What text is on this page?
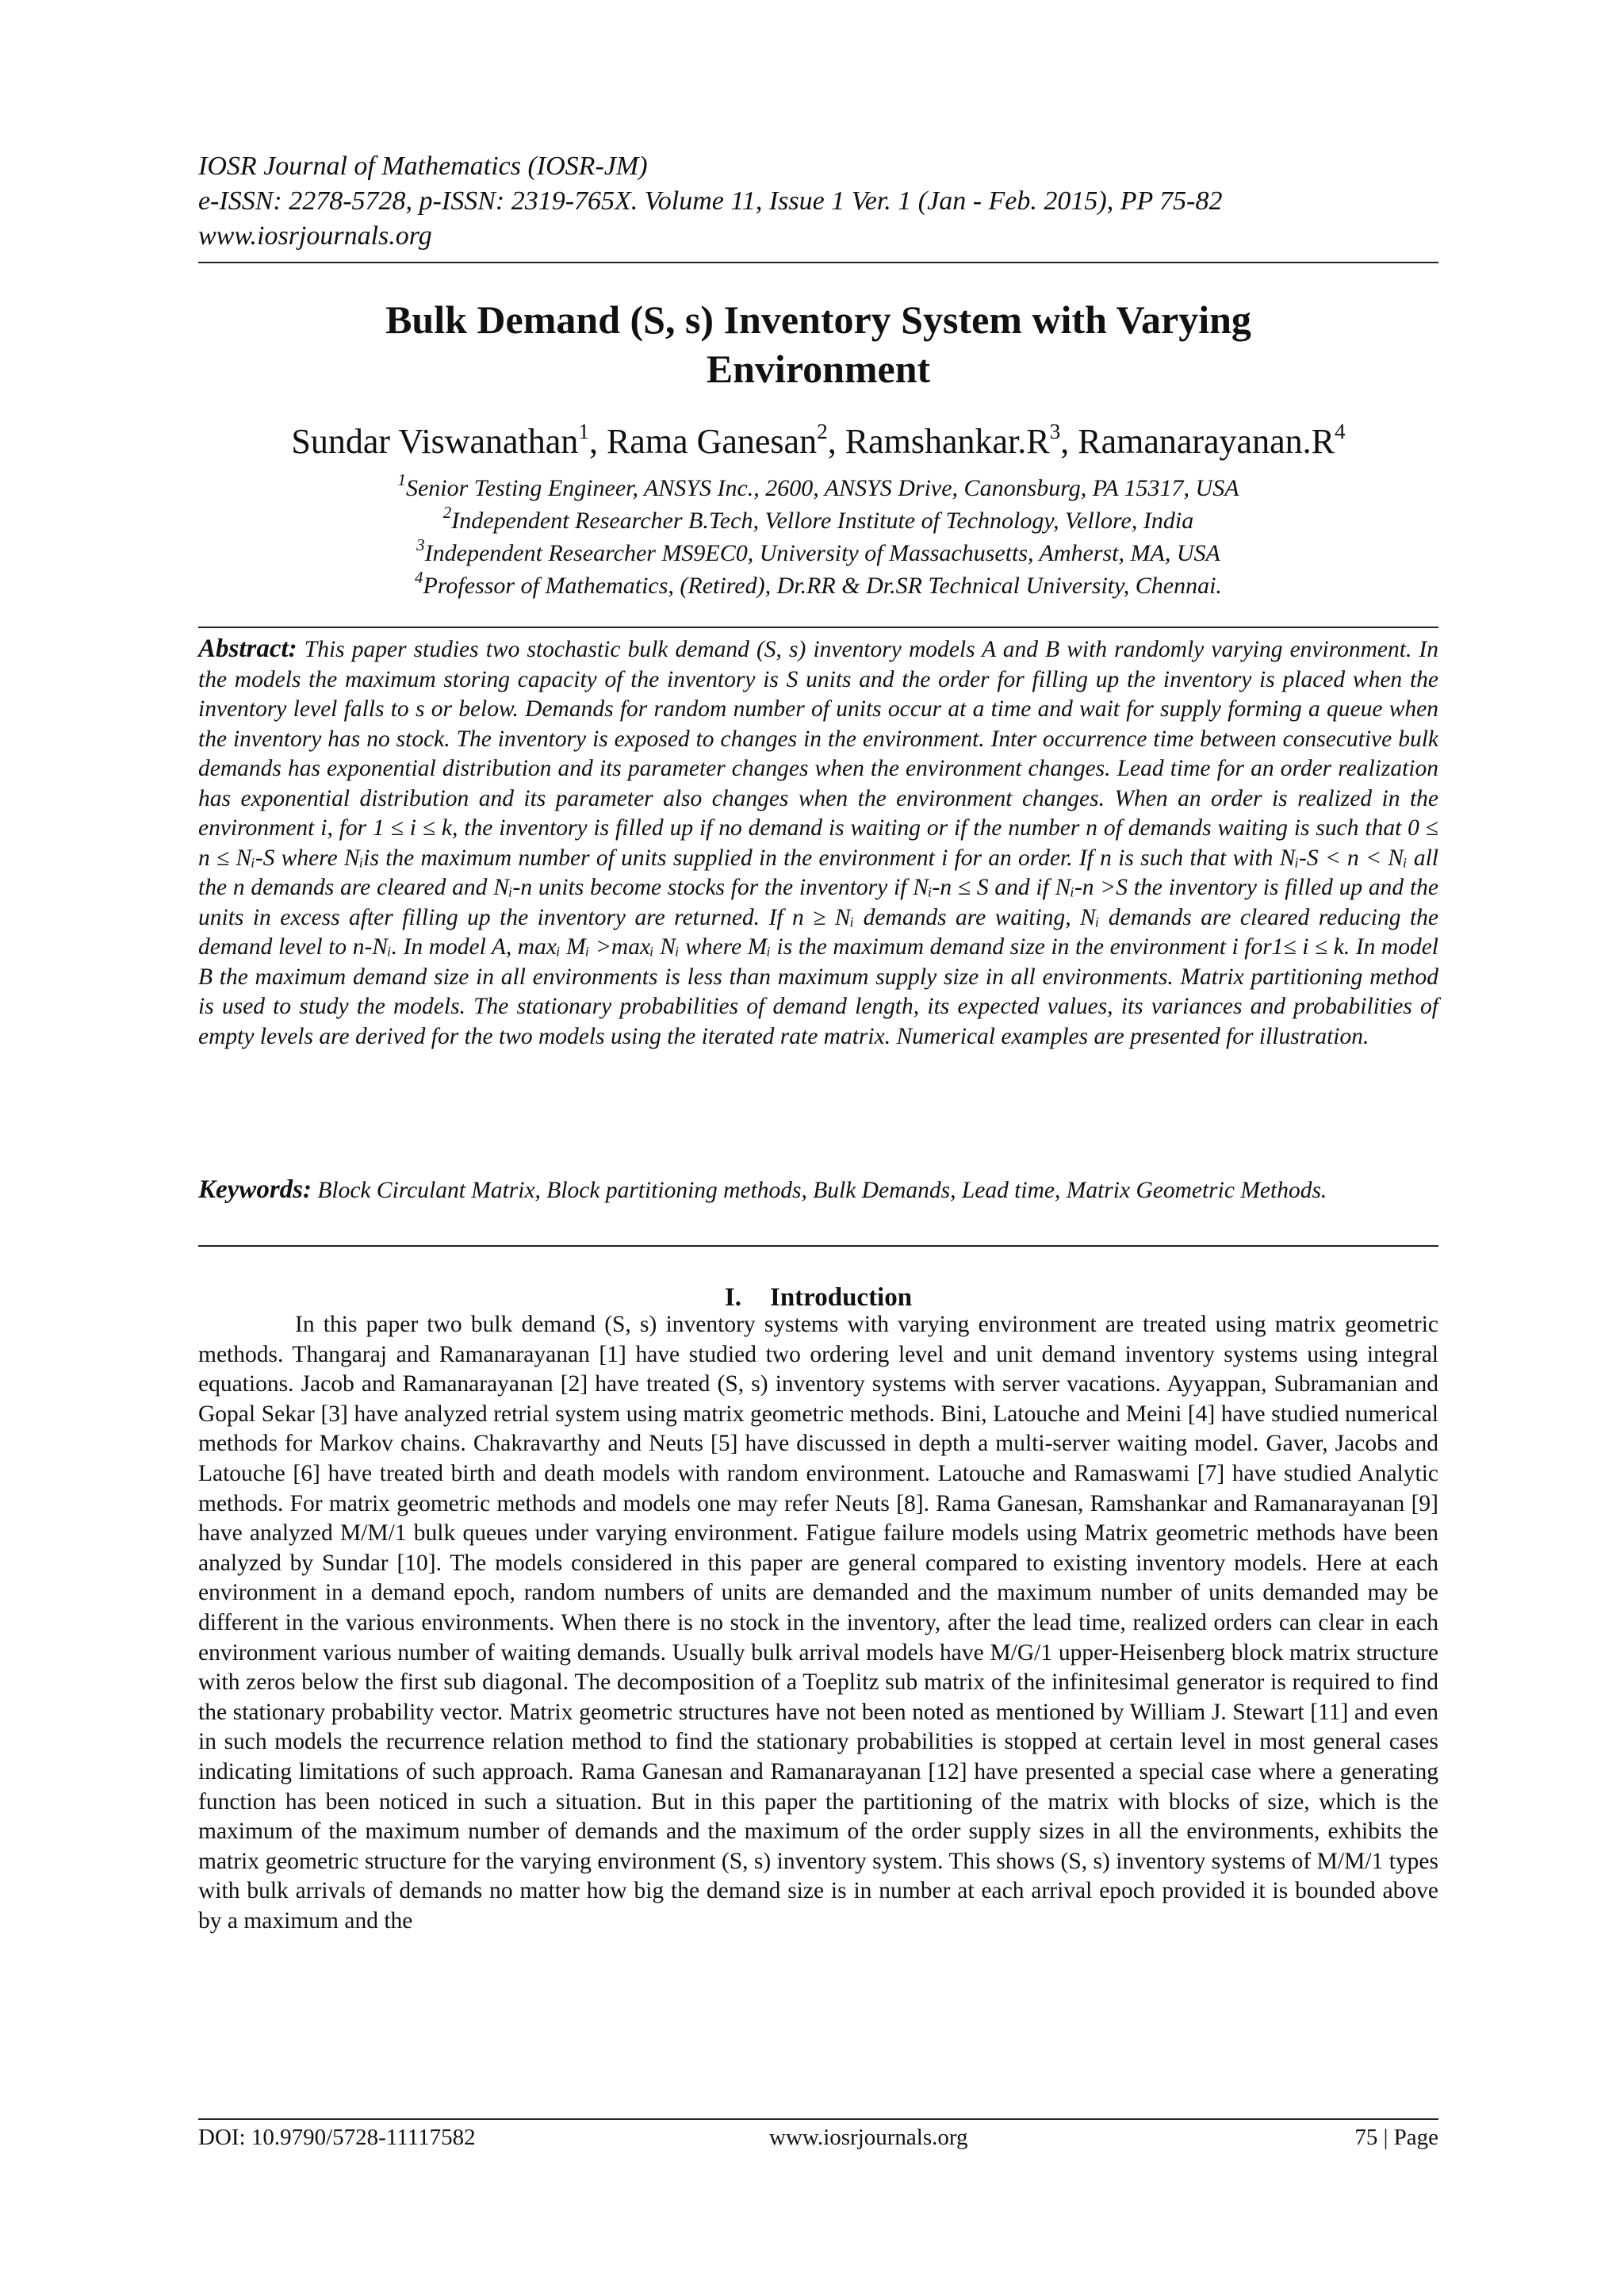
IOSR Journal of Mathematics (IOSR-JM)
e-ISSN: 2278-5728, p-ISSN: 2319-765X. Volume 11, Issue 1 Ver. 1 (Jan - Feb. 2015), PP 75-82
www.iosrjournals.org
Bulk Demand (S, s) Inventory System with Varying
Environment
Sundar Viswanathan$^1$, Rama Ganesan$^2$, $Ramshankar.R^3$, $Ramanarayanan.R^4$
$^1$Senior Testing Engineer, ANSYS Inc., 2600, ANSYS Drive, Canonsburg, PA 15317, USA
$^2$Independent Researcher B.Tech, Vellore Institute of Technology, Vellore, India
$^3$Independent Researcher MS9EC0, University of Massachusetts, Amherst, MA, USA
$^4$Professor of Mathematics, (Retired), Dr.RR & Dr.SR Technical University, Chennai.
Abstract: This paper studies two stochastic bulk demand (S, s) inventory models A and B with randomly varying environment. In the models the maximum storing capacity of the inventory is S units and the order for filling up the inventory is placed when the inventory level falls to s or below. Demands for random number of units occur at a time and wait for supply forming a queue when the inventory has no stock. The inventory is exposed to changes in the environment. Inter occurrence time between consecutive bulk demands has exponential distribution and its parameter changes when the environment changes. Lead time for an order realization has exponential distribution and its parameter also changes when the environment changes. When an order is realized in the environment i, for 1 ≤ i ≤ k, the inventory is filled up if no demand is waiting or if the number n of demands waiting is such that 0 ≤ n ≤ Nᵢ-S where Nᵢis the maximum number of units supplied in the environment i for an order. If n is such that with Nᵢ-S < n < Nᵢ all the n demands are cleared and Nᵢ-n units become stocks for the inventory if Nᵢ-n ≤ S and if Nᵢ-n >S the inventory is filled up and the units in excess after filling up the inventory are returned. If n ≥ Nᵢ demands are waiting, Nᵢ demands are cleared reducing the demand level to n-Nᵢ. In model A, maxᵢ Mᵢ >maxᵢ Nᵢ where Mᵢ is the maximum demand size in the environment i for1≤ i ≤ k. In model B the maximum demand size in all environments is less than maximum supply size in all environments. Matrix partitioning method is used to study the models. The stationary probabilities of demand length, its expected values, its variances and probabilities of empty levels are derived for the two models using the iterated rate matrix. Numerical examples are presented for illustration.
Keywords: Block Circulant Matrix, Block partitioning methods, Bulk Demands, Lead time, Matrix Geometric Methods.
I. Introduction

In this paper two bulk demand (S, s) inventory systems with varying environment are treated using matrix geometric methods. Thangaraj and Ramanarayanan [1] have studied two ordering level and unit demand inventory systems using integral equations. Jacob and Ramanarayanan [2] have treated (S, s) inventory systems with server vacations. Ayyappan, Subramanian and Gopal Sekar [3] have analyzed retrial system using matrix geometric methods. Bini, Latouche and Meini [4] have studied numerical methods for Markov chains. Chakravarthy and Neuts [5] have discussed in depth a multi-server waiting model. Gaver, Jacobs and Latouche [6] have treated birth and death models with random environment. Latouche and Ramaswami [7] have studied Analytic methods. For matrix geometric methods and models one may refer Neuts [8]. Rama Ganesan, Ramshankar and Ramanarayanan [9] have analyzed M/M/1 bulk queues under varying environment. Fatigue failure models using Matrix geometric methods have been analyzed by Sundar [10]. The models considered in this paper are general compared to existing inventory models. Here at each environment in a demand epoch, random numbers of units are demanded and the maximum number of units demanded may be different in the various environments. When there is no stock in the inventory, after the lead time, realized orders can clear in each environment various number of waiting demands. Usually bulk arrival models have M/G/1 upper-Heisenberg block matrix structure with zeros below the first sub diagonal. The decomposition of a Toeplitz sub matrix of the infinitesimal generator is required to find the stationary probability vector. Matrix geometric structures have not been noted as mentioned by William J. Stewart [11] and even in such models the recurrence relation method to find the stationary probabilities is stopped at certain level in most general cases indicating limitations of such approach. Rama Ganesan and Ramanarayanan [12] have presented a special case where a generating function has been noticed in such a situation. But in this paper the partitioning of the matrix with blocks of size, which is the maximum of the maximum number of demands and the maximum of the order supply sizes in all the environments, exhibits the matrix geometric structure for the varying environment (S, s) inventory system. This shows (S, s) inventory systems of M/M/1 types with bulk arrivals of demands no matter how big the demand size is in number at each arrival epoch provided it is bounded above by a maximum and the

DOI: 10.9790/5728-11117582	www.iosrjournals.org	75 | Page
